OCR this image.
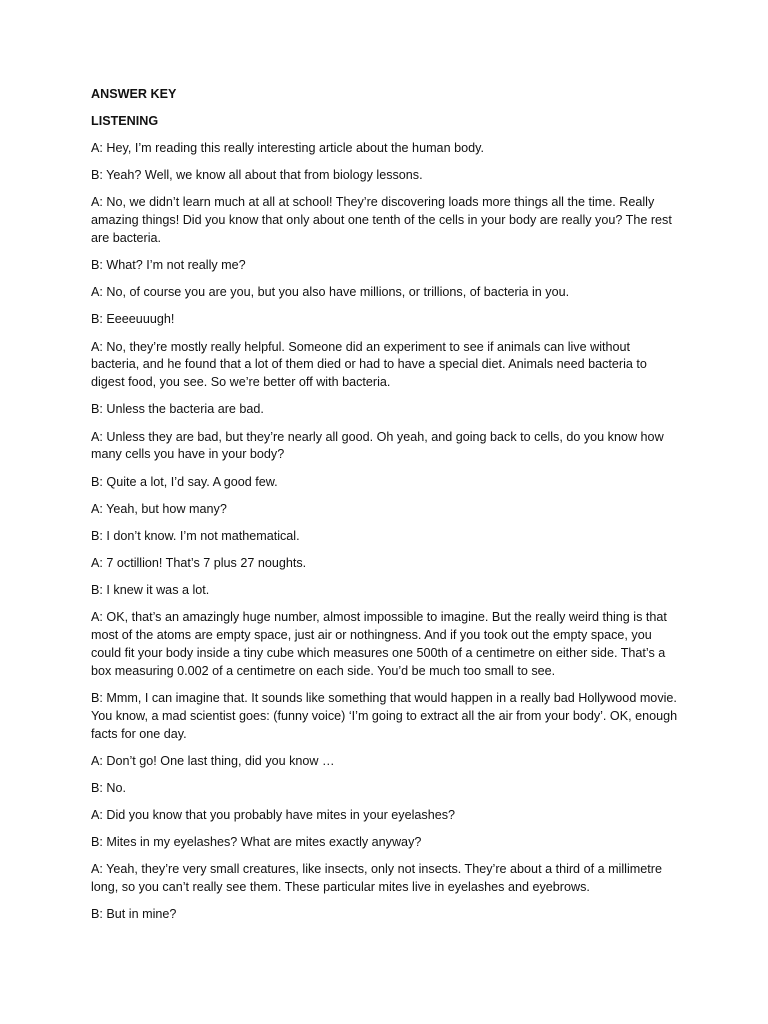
ANSWER KEY

LISTENING

A: Hey, I’m reading this really interesting article about the human body.

B: Yeah? Well, we know all about that from biology lessons.

A: No, we didn’t learn much at all at school! They’re discovering loads more things all the time. Really amazing things! Did you know that only about one tenth of the cells in your body are really you? The rest are bacteria.

B: What? I’m not really me?

A: No, of course you are you, but you also have millions, or trillions, of bacteria in you.

B: Eeeeuuugh!

A: No, they’re mostly really helpful. Someone did an experiment to see if animals can live without bacteria, and he found that a lot of them died or had to have a special diet. Animals need bacteria to digest food, you see. So we’re better off with bacteria.

B: Unless the bacteria are bad.

A: Unless they are bad, but they’re nearly all good. Oh yeah, and going back to cells, do you know how many cells you have in your body?

B: Quite a lot, I’d say. A good few.

A: Yeah, but how many?

B: I don’t know. I’m not mathematical.

A: 7 octillion! That’s 7 plus 27 noughts.

B: I knew it was a lot.

A: OK, that’s an amazingly huge number, almost impossible to imagine. But the really weird thing is that most of the atoms are empty space, just air or nothingness. And if you took out the empty space, you could fit your body inside a tiny cube which measures one 500th of a centimetre on either side. That’s a box measuring 0.002 of a centimetre on each side. You’d be much too small to see.

B: Mmm, I can imagine that. It sounds like something that would happen in a really bad Hollywood movie. You know, a mad scientist goes: (funny voice) ‘I’m going to extract all the air from your body’. OK, enough facts for one day.

A: Don’t go! One last thing, did you know …

B: No.

A: Did you know that you probably have mites in your eyelashes?

B: Mites in my eyelashes? What are mites exactly anyway?

A: Yeah, they’re very small creatures, like insects, only not insects. They’re about a third of a millimetre long, so you can’t really see them. These particular mites live in eyelashes and eyebrows.

B: But in mine?
